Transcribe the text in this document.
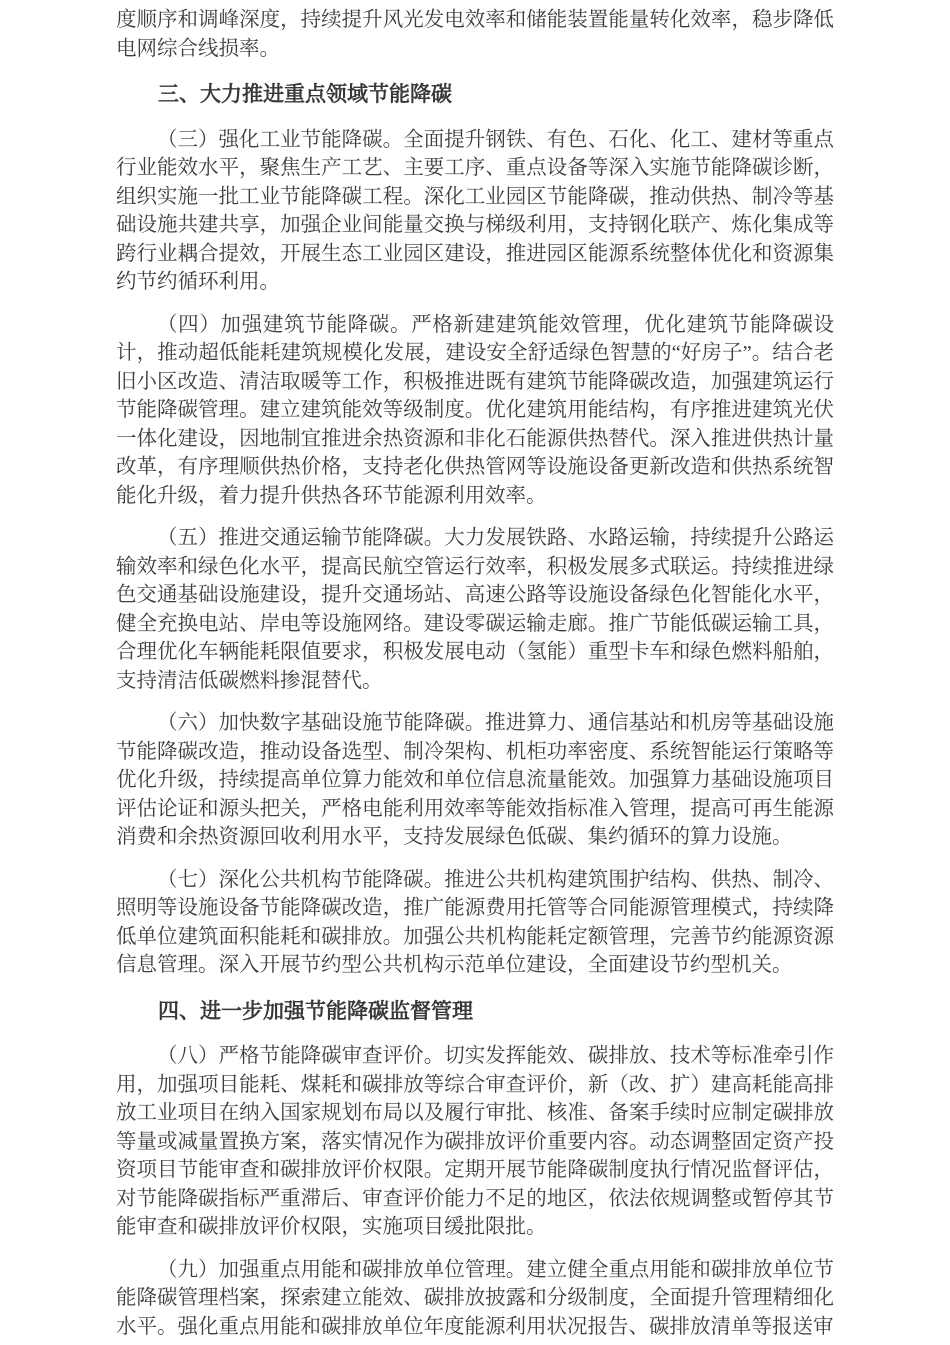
度顺序和调峰深度，持续提升风光发电效率和储能装置能量转化效率，稳步降低电网综合线损率。

三、大力推进重点领域节能降碳

（三）强化工业节能降碳。全面提升钢铁、有色、石化、化工、建材等重点行业能效水平，聚焦生产工艺、主要工序、重点设备等深入实施节能降碳诊断，组织实施一批工业节能降碳工程。深化工业园区节能降碳，推动供热、制冷等基础设施共建共享，加强企业间能量交换与梯级利用，支持钢化联产、炼化集成等跨行业耦合提效，开展生态工业园区建设，推进园区能源系统整体优化和资源集约节约循环利用。

（四）加强建筑节能降碳。严格新建建筑能效管理，优化建筑节能降碳设计，推动超低能耗建筑规模化发展，建设安全舒适绿色智慧的“好房子”。结合老旧小区改造、清洁取暖等工作，积极推进既有建筑节能降碳改造，加强建筑运行节能降碳管理。建立建筑能效等级制度。优化建筑用能结构，有序推进建筑光伏一体化建设，因地制宜推进余热资源和非化石能源供热替代。深入推进供热计量改革，有序理顺供热价格，支持老化供热管网等设施设备更新改造和供热系统智能化升级，着力提升供热各环节能源利用效率。

（五）推进交通运输节能降碳。大力发展铁路、水路运输，持续提升公路运输效率和绿色化水平，提高民航空管运行效率，积极发展多式联运。持续推进绿色交通基础设施建设，提升交通场站、高速公路等设施设备绿色化智能化水平，健全充换电站、岸电等设施网络。建设零碳运输走廊。推广节能低碳运输工具，合理优化车辆能耗限值要求，积极发展电动（氢能）重型卡车和绿色燃料船舶，支持清洁低碳燃料掺混替代。

（六）加快数字基础设施节能降碳。推进算力、通信基站和机房等基础设施节能降碳改造，推动设备选型、制冷架构、机柜功率密度、系统智能运行策略等优化升级，持续提高单位算力能效和单位信息流量能效。加强算力基础设施项目评估论证和源头把关，严格电能利用效率等能效指标准入管理，提高可再生能源消费和余热资源回收利用水平，支持发展绿色低碳、集约循环的算力设施。

（七）深化公共机构节能降碳。推进公共机构建筑围护结构、供热、制冷、照明等设施设备节能降碳改造，推广能源费用托管等合同能源管理模式，持续降低单位建筑面积能耗和碳排放。加强公共机构能耗定额管理，完善节约能源资源信息管理。深入开展节约型公共机构示范单位建设，全面建设节约型机关。

四、进一步加强节能降碳监督管理

（八）严格节能降碳审查评价。切实发挥能效、碳排放、技术等标准牵引作用，加强项目能耗、煤耗和碳排放等综合审查评价，新（改、扩）建高耗能高排放工业项目在纳入国家规划布局以及履行审批、核准、备案手续时应制定碳排放等量或减量置换方案，落实情况作为碳排放评价重要内容。动态调整固定资产投资项目节能审查和碳排放评价权限。定期开展节能降碳制度执行情况监督评估，对节能降碳指标严重滞后、审查评价能力不足的地区，依法依规调整或暂停其节能审查和碳排放评价权限，实施项目缓批限批。

（九）加强重点用能和碳排放单位管理。建立健全重点用能和碳排放单位节能降碳管理档案，探索建立能效、碳排放披露和分级制度，全面提升管理精细化水平。强化重点用能和碳排放单位年度能源利用状况报告、碳排放清单等报送审
